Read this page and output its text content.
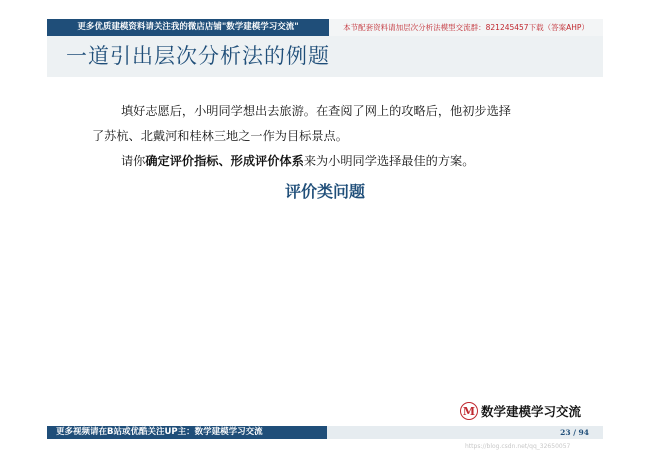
更多优质建模资料请关注我的微店店铺"数学建模学习交流"	本节配套资料请加层次分析法模型交流群：821245457下载（答案AHP）
一道引出层次分析法的例题
填好志愿后，小明同学想出去旅游。在查阅了网上的攻略后，他初步选择
了苏杭、北戴河和桂林三地之一作为目标景点。
请你确定评价指标、形成评价体系来为小明同学选择最佳的方案。
评价类问题
M 数学建模学习交流
更多视频请在B站或优酷关注UP主：数学建模学习交流	23 / 94
https://blog.csdn.net/qq_32650057
